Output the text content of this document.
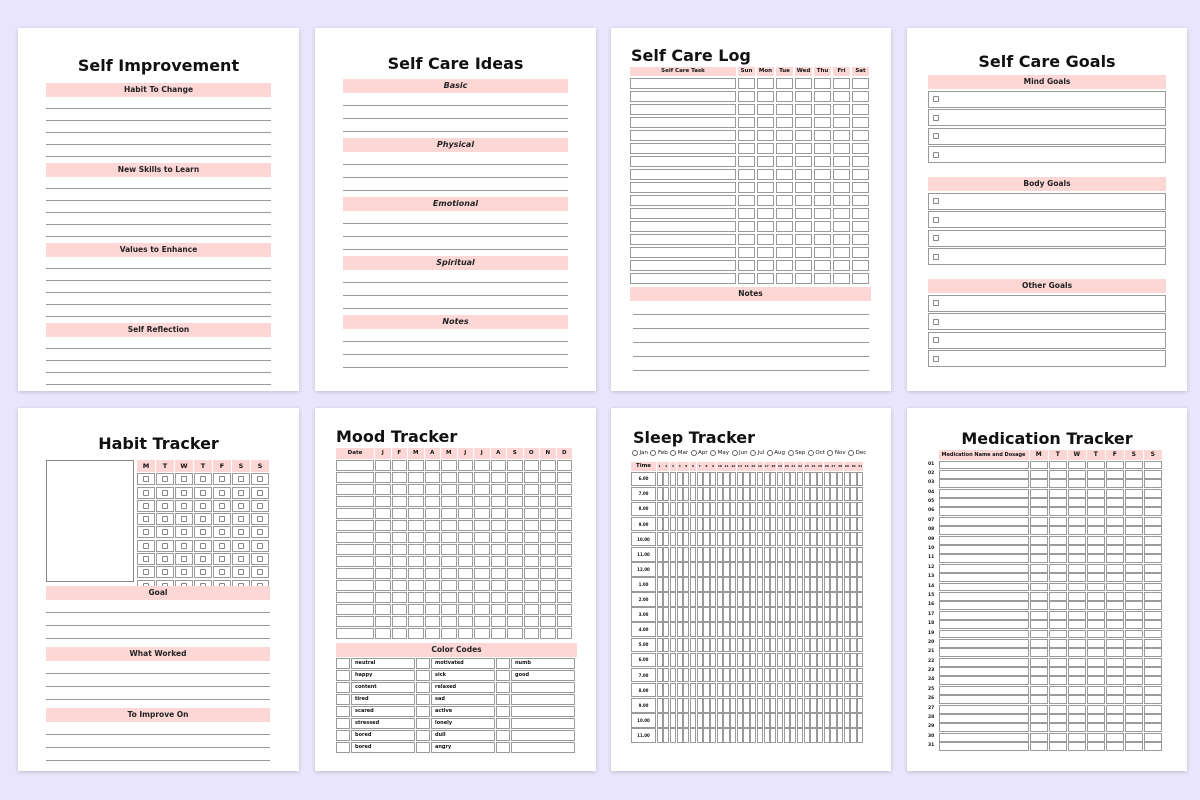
Self Improvement
Habit To Change
New Skills to Learn
Values to Enhance
Self Reflection
Self Care Ideas
Basic
Physical
Emotional
Spiritual
Notes
Self Care Log
Self Care Task	Sun	Mon	Tue	Wed	Thu	Fri	Sat
Notes
Self Care Goals
Mind Goals
Body Goals
Other Goals
Habit Tracker
M	T	W	T	F	S	S
Goal
What Worked
To Improve On
Mood Tracker
Date	J	F	M	A	M	J	J	A	S	O	N	D
Color Codes
neutral	motivated	numb
happy	sick	good
content	relaxed
tired	sad
scared	active
stressed	lonely
bored	dull
bored	angry
Sleep Tracker
Jan Feb Mar Apr May Jun Jul Aug Sep Oct Nov Dec
Time	1	2	3	4	5	6	7	8	9	10 11 12 13 14 15 16 17 18 19 20 21 22 23 24 25 26 27 28 29 30 31
6.00
7.00
8.00
9.00
10.00
11.00
12.00
1.00
2.00
3.00
4.00
5.00
6.00
7.00
8.00
9.00
10.00
11.00
Medication Tracker
Medication Name and Dosage	M	T	W	T	F	S	S
01
02
03
04
05
06
07
08
09
10
11
12
13
14
15
16
17
18
19
20
21
22
23
24
25
26
27
28
29
30
31
